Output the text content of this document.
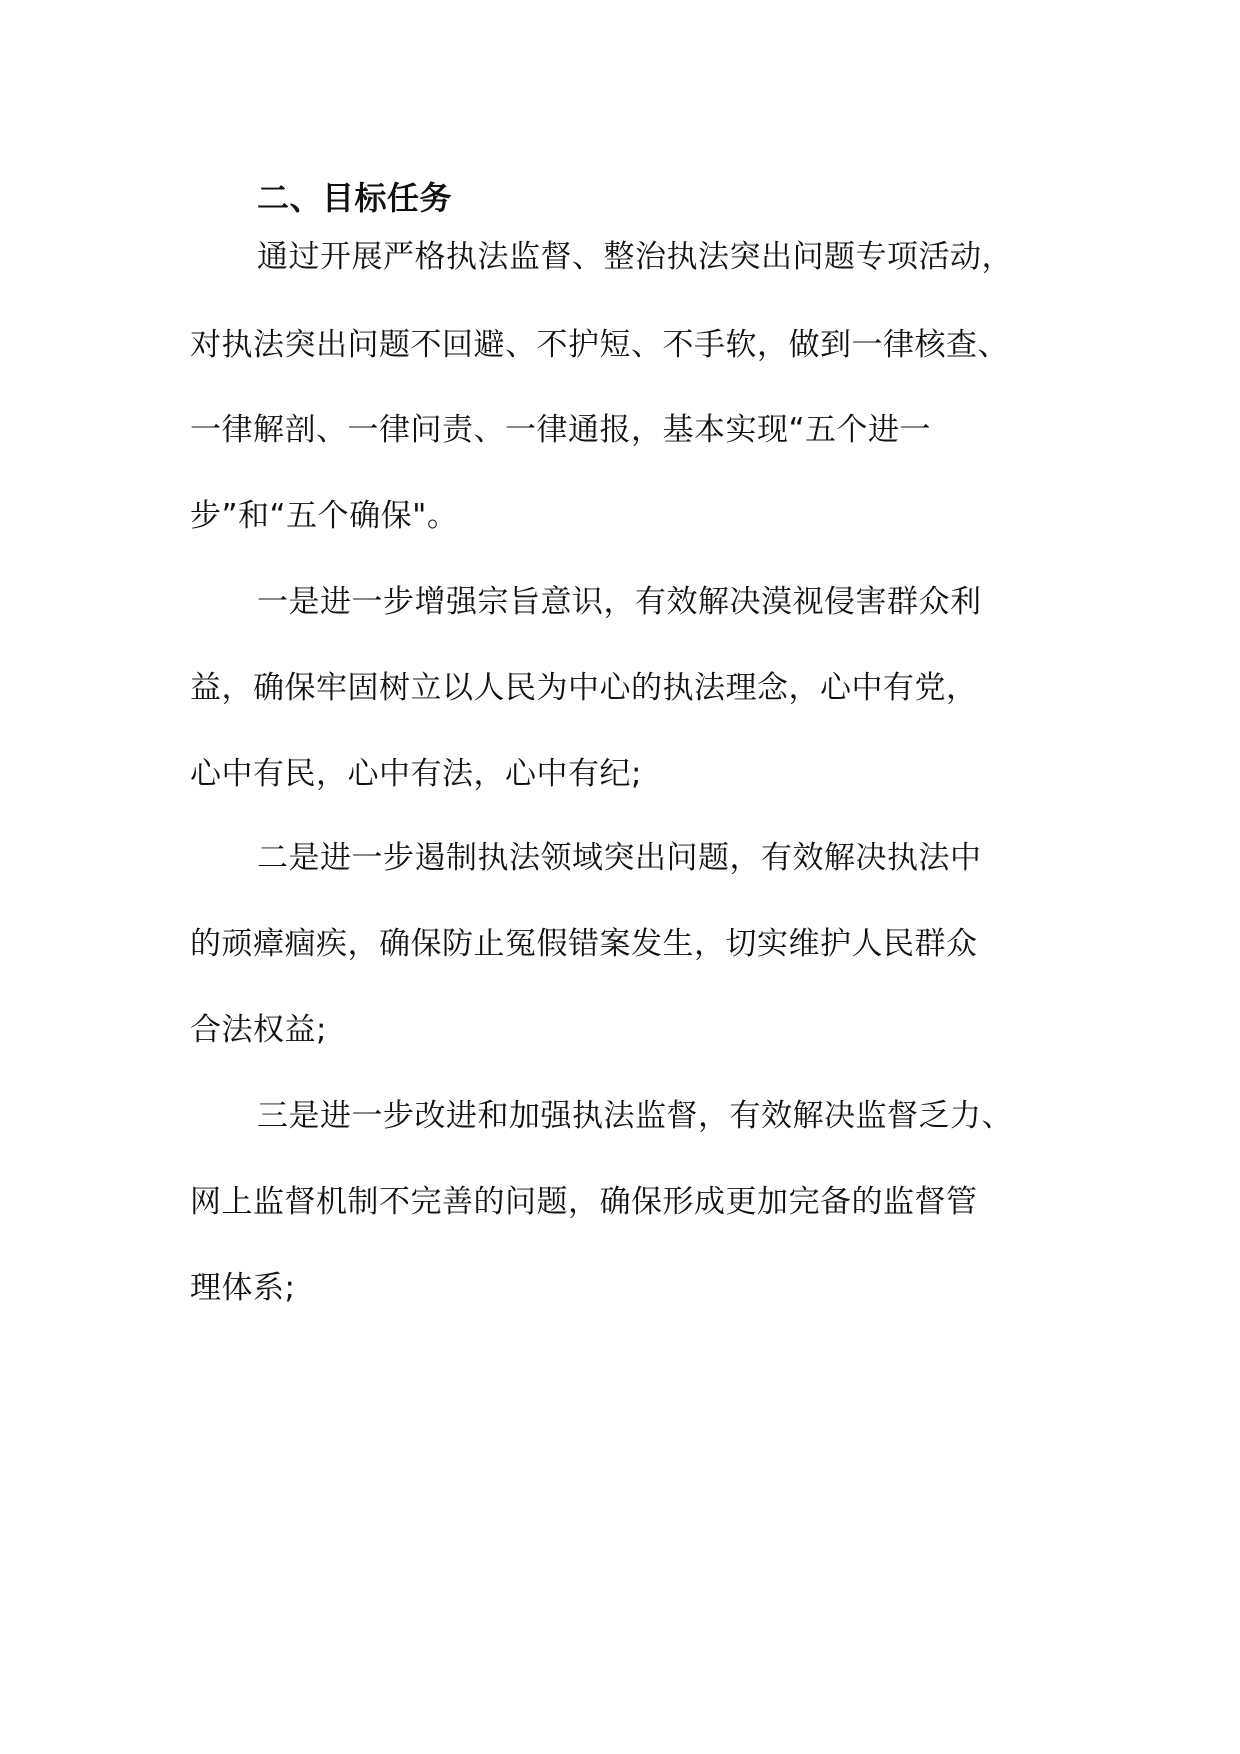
二、目标任务
通过开展严格执法监督、整治执法突出问题专项活动，
对执法突出问题不回避、不护短、不手软，做到一律核查、
一律解剖、一律问责、一律通报，基本实现“五个进一
步”和“五个确保"。
一是进一步增强宗旨意识，有效解决漠视侵害群众利
益，确保牢固树立以人民为中心的执法理念，心中有党，
心中有民，心中有法，心中有纪;
二是进一步遏制执法领域突出问题，有效解决执法中
的顽瘴痼疾，确保防止冤假错案发生，切实维护人民群众
合法权益;
三是进一步改进和加强执法监督，有效解决监督乏力、
网上监督机制不完善的问题，确保形成更加完备的监督管
理体系;
